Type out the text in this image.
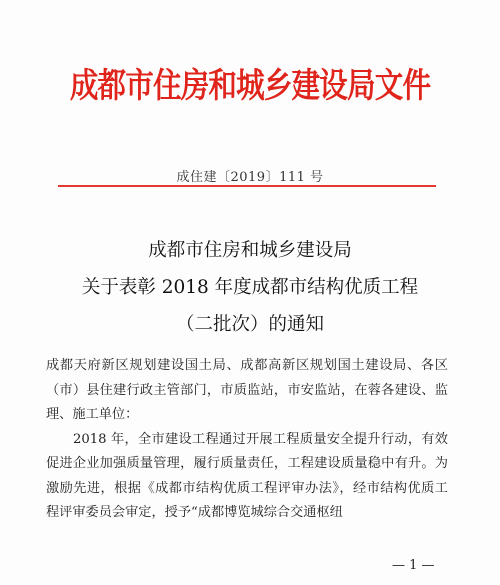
成都市住房和城乡建设局文件
成住建〔2019〕111 号
成都市住房和城乡建设局
关于表彰 2018 年度成都市结构优质工程
（二批次）的通知

成都天府新区规划建设国土局、成都高新区规划国土建设局、各区（市）县住建行政主管部门，市质监站，市安监站，在蓉各建设、监理、施工单位：

2018 年，全市建设工程通过开展工程质量安全提升行动，有效促进企业加强质量管理，履行质量责任，工程建设质量稳中有升。为激励先进，根据《成都市结构优质工程评审办法》，经市结构优质工程评审委员会审定，授予“成都博览城综合交通枢纽

— 1 —
